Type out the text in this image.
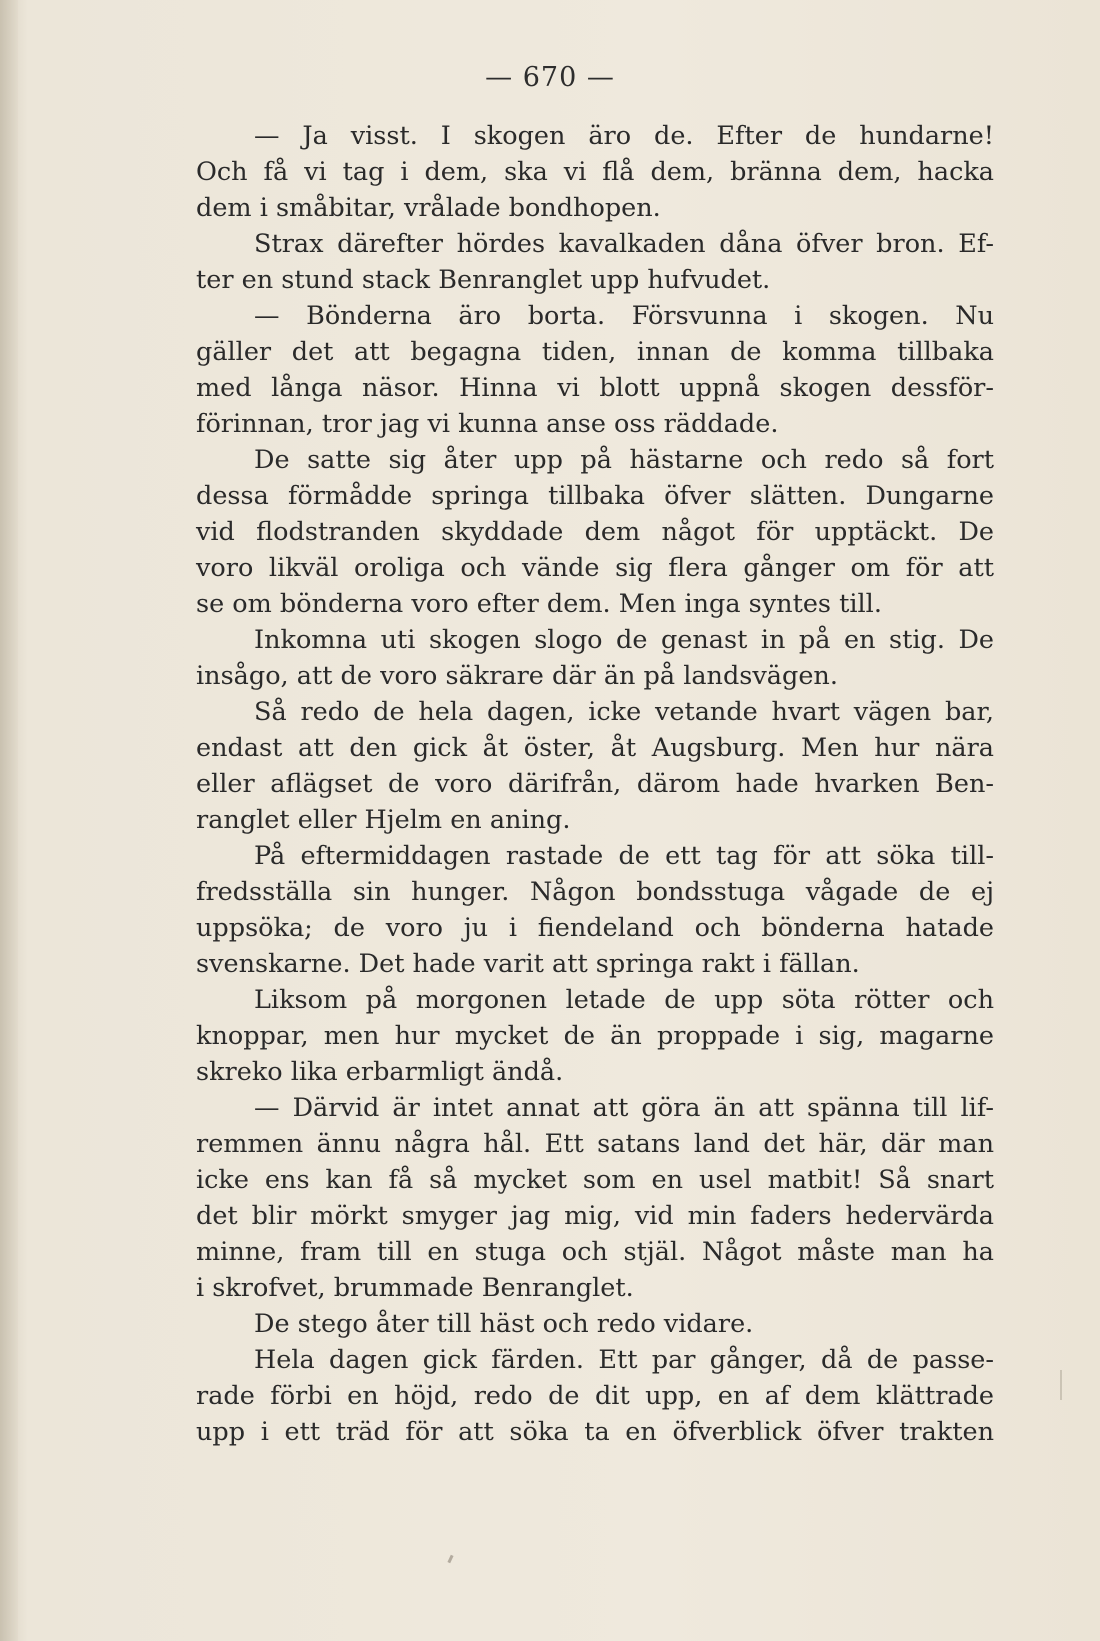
— 670 —
— Ja visst. I skogen äro de. Efter de hundarne!
Och få vi tag i dem, ska vi flå dem, bränna dem, hacka
dem i småbitar, vrålade bondhopen.
Strax därefter hördes kavalkaden dåna öfver bron. Ef-
ter en stund stack Benranglet upp hufvudet.
— Bönderna äro borta. Försvunna i skogen. Nu
gäller det att begagna tiden, innan de komma tillbaka
med långa näsor. Hinna vi blott uppnå skogen dessför-
förinnan, tror jag vi kunna anse oss räddade.
De satte sig åter upp på hästarne och redo så fort
dessa förmådde springa tillbaka öfver slätten. Dungarne
vid flodstranden skyddade dem något för upptäckt. De
voro likväl oroliga och vände sig flera gånger om för att
se om bönderna voro efter dem. Men inga syntes till.
Inkomna uti skogen slogo de genast in på en stig. De
insågo, att de voro säkrare där än på landsvägen.
Så redo de hela dagen, icke vetande hvart vägen bar,
endast att den gick åt öster, åt Augsburg. Men hur nära
eller aflägset de voro därifrån, därom hade hvarken Ben-
ranglet eller Hjelm en aning.
På eftermiddagen rastade de ett tag för att söka till-
fredsställa sin hunger. Någon bondsstuga vågade de ej
uppsöka; de voro ju i fiendeland och bönderna hatade
svenskarne. Det hade varit att springa rakt i fällan.
Liksom på morgonen letade de upp söta rötter och
knoppar, men hur mycket de än proppade i sig, magarne
skreko lika erbarmligt ändå.
— Därvid är intet annat att göra än att spänna till lif-
remmen ännu några hål. Ett satans land det här, där man
icke ens kan få så mycket som en usel matbit! Så snart
det blir mörkt smyger jag mig, vid min faders hedervärda
minne, fram till en stuga och stjäl. Något måste man ha
i skrofvet, brummade Benranglet.
De stego åter till häst och redo vidare.
Hela dagen gick färden. Ett par gånger, då de passe-
rade förbi en höjd, redo de dit upp, en af dem klättrade
upp i ett träd för att söka ta en öfverblick öfver trakten
